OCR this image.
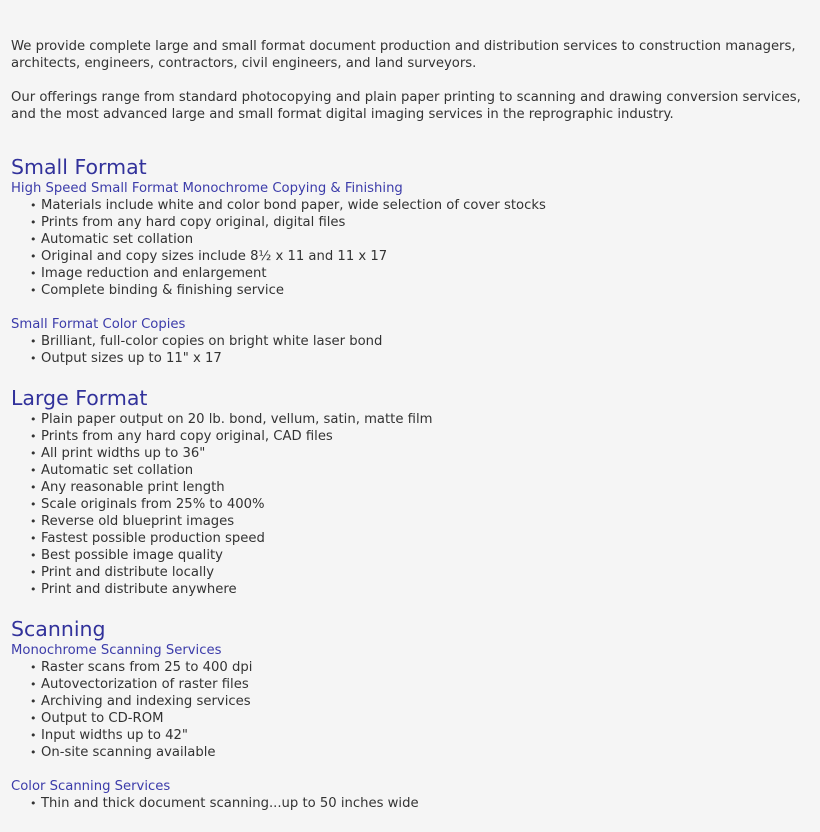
We provide complete large and small format document production and distribution services to construction managers, architects, engineers, contractors, civil engineers, and land surveyors.

Our offerings range from standard photocopying and plain paper printing to scanning and drawing conversion services, and the most advanced large and small format digital imaging services in the reprographic industry.

Small Format
High Speed Small Format Monochrome Copying & Finishing
• Materials include white and color bond paper, wide selection of cover stocks
• Prints from any hard copy original, digital files
• Automatic set collation
• Original and copy sizes include 8½ x 11 and 11 x 17
• Image reduction and enlargement
• Complete binding & finishing service
Small Format Color Copies
• Brilliant, full-color copies on bright white laser bond
• Output sizes up to 11" x 17
Large Format
• Plain paper output on 20 lb. bond, vellum, satin, matte film
• Prints from any hard copy original, CAD files
• All print widths up to 36"
• Automatic set collation
• Any reasonable print length
• Scale originals from 25% to 400%
• Reverse old blueprint images
• Fastest possible production speed
• Best possible image quality
• Print and distribute locally
• Print and distribute anywhere
Scanning
Monochrome Scanning Services
• Raster scans from 25 to 400 dpi
• Autovectorization of raster files
• Archiving and indexing services
• Output to CD-ROM
• Input widths up to 42"
• On-site scanning available
Color Scanning Services
• Thin and thick document scanning...up to 50 inches wide
